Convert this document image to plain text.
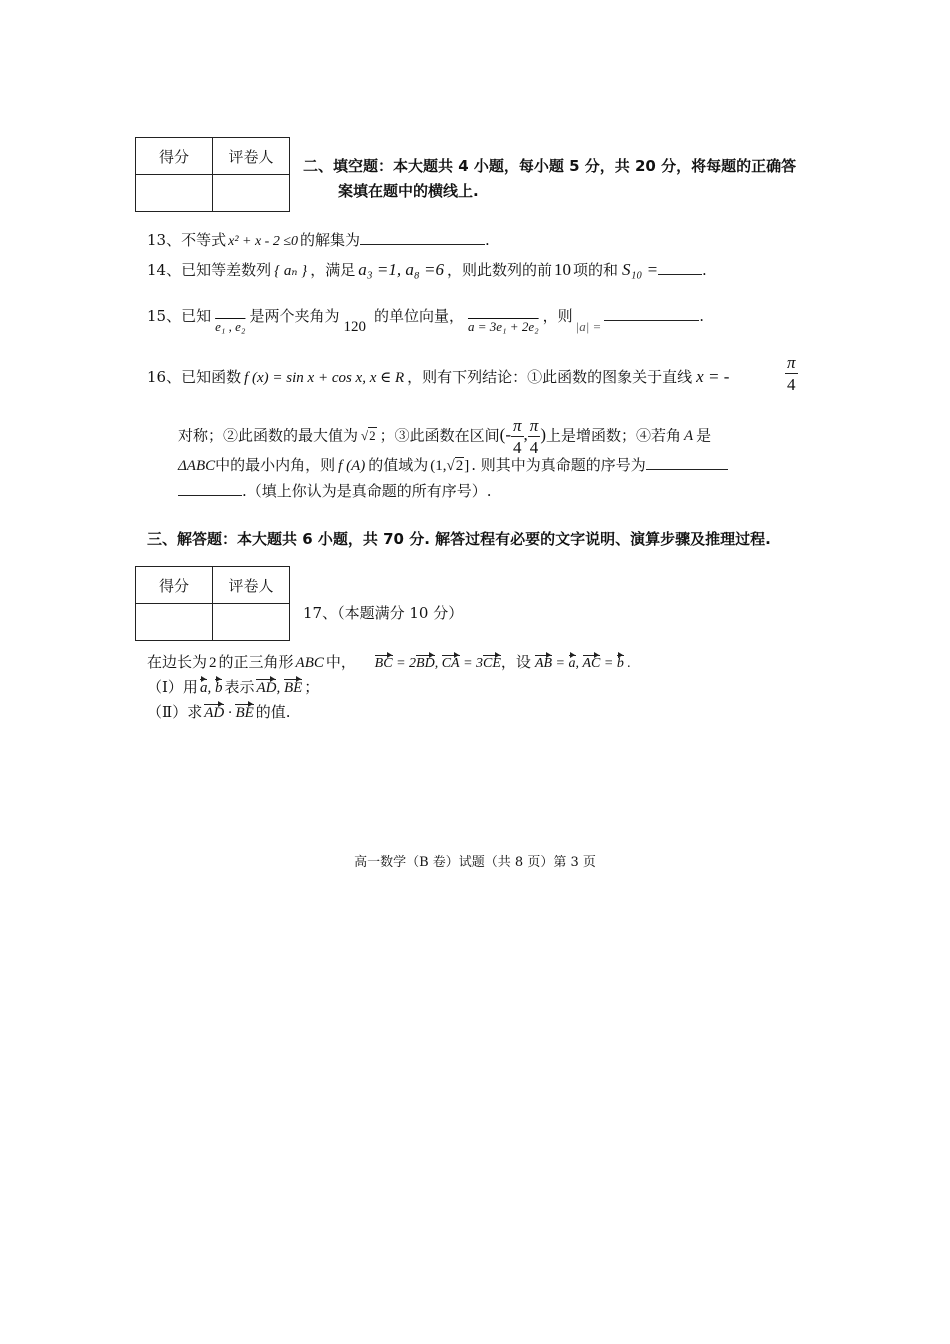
得分	评卷人

二、填空题：本大题共 4 小题，每小题 5 分，共 20 分，将每题的正确答
案填在题中的横线上.
13、不等式 x² + x - 2 ≤0 的解集为	.
14、已知等差数列 { aₙ } ，满足 a₃ =1, a₈ =6 ，则此数列的前 10 项的和 S₁₀ =	.
15、已知e₁ , e₂是两个夹角为120的单位向量，a = 3e₁ + 2e₂，则|a| =.
16、已知函数 f (x) = sin x + cos x, x ∈ R ，则有下列结论：①此函数的图象关于直线 x = -	$\frac{\pi}{4}$
对称；②此函数的最大值为 √2 ；③此函数在区间(- $\frac{\pi}{4}$ , $\frac{\pi}{4}$ )上是增函数；④若角 A 是
ΔABC中的最小内角，则 f (A) 的值域为 (1,√2] . 则其中为真命题的序号为
.（填上你认为是真命题的所有序号）.
三、解答题：本大题共 6 小题，共 70 分. 解答过程有必要的文字说明、演算步骤及推理过程.
得分	评卷人

17、（本题满分 10 分）
在边长为 2 的正三角形 ABC 中， BC = 2BD, CA = 3CE，设 AB = a, AC = b .
（Ⅰ）用 a, b 表示 AD, BE ；
（Ⅱ）求 AD · BE 的值.
高一数学（B 卷）试题（共 8 页）第 3 页
